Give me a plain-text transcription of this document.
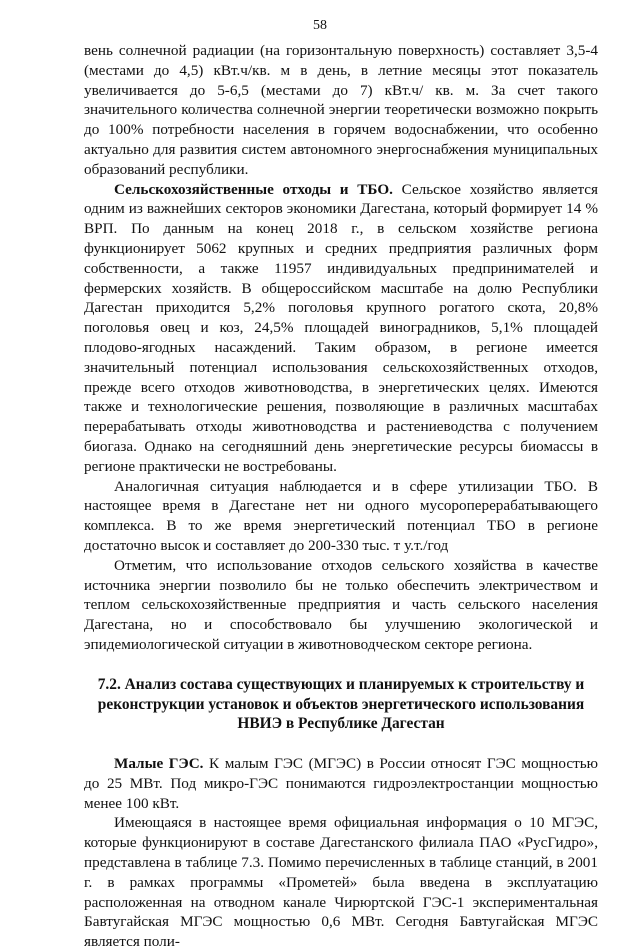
58

вень солнечной радиации (на горизонтальную поверхность) составляет 3,5-4 (местами до 4,5) кВт.ч/кв. м в день, в летние месяцы этот показатель увеличивается до 5-6,5 (местами до 7) кВт.ч/ кв. м. За счет такого значительного количества солнечной энергии теоретически возможно покрыть до 100% потребности населения в горячем водоснабжении, что особенно актуально для развития систем автономного энергоснабжения муниципальных образований республики.

Сельскохозяйственные отходы и ТБО. Сельское хозяйство является одним из важнейших секторов экономики Дагестана, который формирует 14 % ВРП. По данным на конец 2018 г., в сельском хозяйстве региона функционирует 5062 крупных и средних предприятия различных форм собственности, а также 11957 индивидуальных предпринимателей и фермерских хозяйств. В общероссийском масштабе на долю Республики Дагестан приходится 5,2% поголовья крупного рогатого скота, 20,8% поголовья овец и коз, 24,5% площадей виноградников, 5,1% площадей плодово-ягодных насаждений. Таким образом, в регионе имеется значительный потенциал использования сельскохозяйственных отходов, прежде всего отходов животноводства, в энергетических целях. Имеются также и технологические решения, позволяющие в различных масштабах перерабатывать отходы животноводства и растениеводства с получением биогаза. Однако на сегодняшний день энергетические ресурсы биомассы в регионе практически не востребованы.

Аналогичная ситуация наблюдается и в сфере утилизации ТБО. В настоящее время в Дагестане нет ни одного мусороперерабатывающего комплекса. В то же время энергетический потенциал ТБО в регионе достаточно высок и составляет до 200-330 тыс. т у.т./год

Отметим, что использование отходов сельского хозяйства в качестве источника энергии позволило бы не только обеспечить электричеством и теплом сельскохозяйственные предприятия и часть сельского населения Дагестана, но и способствовало бы улучшению экологической и эпидемиологической ситуации в животноводческом секторе региона.

7.2. Анализ состава существующих и планируемых к строительству и реконструкции установок и объектов энергетического использования НВИЭ в Республике Дагестан

Малые ГЭС. К малым ГЭС (МГЭС) в России относят ГЭС мощностью до 25 МВт. Под микро-ГЭС понимаются гидроэлектростанции мощностью менее 100 кВт.

Имеющаяся в настоящее время официальная информация о 10 МГЭС, которые функционируют в составе Дагестанского филиала ПАО «РусГидро», представлена в таблице 7.3. Помимо перечисленных в таблице станций, в 2001 г. в рамках программы «Прометей» была введена в эксплуатацию расположенная на отводном канале Чирюртской ГЭС-1 экспериментальная Бавтугайская МГЭС мощностью 0,6 МВт. Сегодня Бавтугайская МГЭС является поли-
